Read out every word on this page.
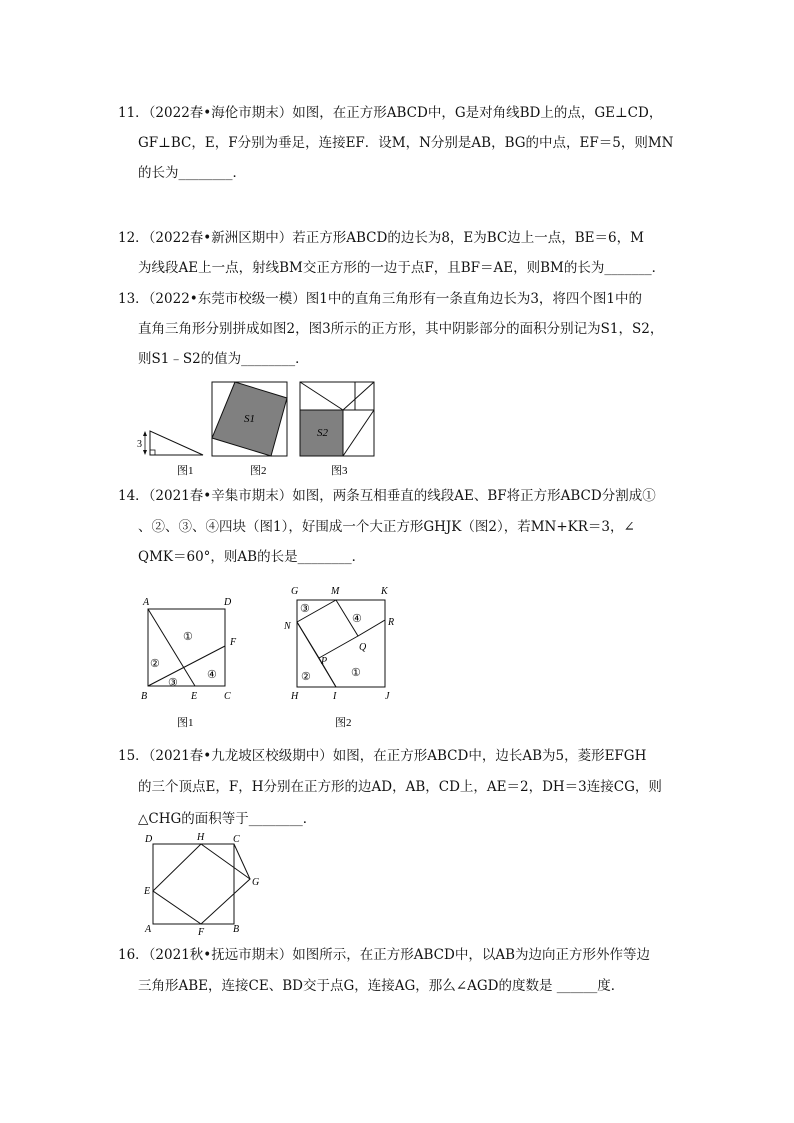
11．（2022春•海伦市期末）如图，在正方形ABCD中，G是对角线BD上的点，GE⊥CD，
GF⊥BC，E，F分别为垂足，连接EF．设M，N分别是AB，BG的中点，EF＝5，则MN
的长为________．
12．（2022春•新洲区期中）若正方形ABCD的边长为8，E为BC边上一点，BE＝6，M
为线段AE上一点，射线BM交正方形的一边于点F，且BF＝AE，则BM的长为_______．
13．（2022•东莞市校级一模）图1中的直角三角形有一条直角边长为3，将四个图1中的
直角三角形分别拼成如图2，图3所示的正方形，其中阴影部分的面积分别记为S1，S2，
则S1﹣S2的值为________．
3
S1
S2
图1	图2	图3
14．（2021春•辛集市期末）如图，两条互相垂直的线段AE、BF将正方形ABCD分割成①
、②、③、④四块（图1），好围成一个大正方形GHJK（图2），若MN+KR＝3，∠
QMK＝60°，则AB的长是________．
A	D
F
B	E	C
①
②
③
④
图1
G	M	K
N	R
Q
P
H	I	J
③
④
②	①
图2
15．（2021春•九龙坡区校级期中）如图，在正方形ABCD中，边长AB为5，菱形EFGH
的三个顶点E，F，H分别在正方形的边AD，AB，CD上，AE＝2，DH＝3连接CG，则
△CHG的面积等于________．
D	H	C
E
G
A	F	B
16．（2021秋•抚远市期末）如图所示，在正方形ABCD中，以AB为边向正方形外作等边
三角形ABE，连接CE、BD交于点G，连接AG，那么∠AGD的度数是 ______度．
